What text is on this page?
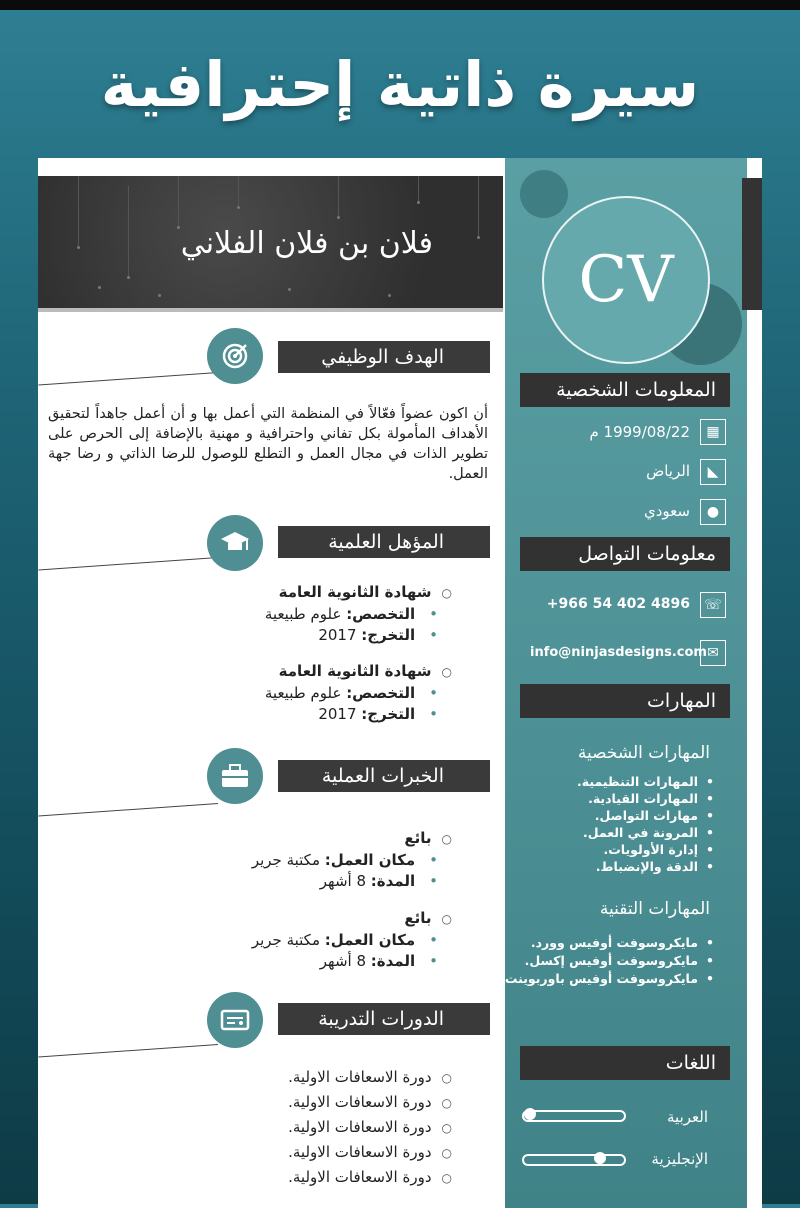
سيرة ذاتية إحترافية
CV
فلان بن فلان الفلاني
الهدف الوظيفي
أن اكون عضواً فعّالاً في المنظمة التي أعمل بها و أن أعمل جاهداً لتحقيق الأهداف المأمولة بكل تفاني واحترافية و مهنية بالإضافة إلى الحرص على تطوير الذات في مجال العمل و التطلع للوصول للرضا الذاتي و رضا جهة العمل.
المؤهل العلمية
○ شهادة الثانوية العامة
• التخصص: علوم طبيعية
• التخرج: 2017
○ شهادة الثانوية العامة
• التخصص: علوم طبيعية
• التخرج: 2017
الخبرات العملية
○ بائع
• مكان العمل: مكتبة جرير
• المدة: 8 أشهر
○ بائع
• مكان العمل: مكتبة جرير
• المدة: 8 أشهر
الدورات التدريبة
○ دورة الاسعافات الاولية.
○ دورة الاسعافات الاولية.
○ دورة الاسعافات الاولية.
○ دورة الاسعافات الاولية.
○ دورة الاسعافات الاولية.
المعلومات الشخصية
▦
1999/08/22 م
◣
الرياض
●
سعودي
معلومات التواصل
☏
+966 54 402 4896
✉
info@ninjasdesigns.com
المهارات
المهارات الشخصية
• المهارات التنظيمية.
• المهارات القيادية.
• مهارات التواصل.
• المرونة في العمل.
• إدارة الأولويات.
• الدقة والإنضباط.
المهارات التقنية
• مايكروسوفت أوفيس وورد.
• مايكروسوفت أوفيس إكسل.
• مايكروسوفت أوفيس باوربوينت.
اللغات
العربية
الإنجليزية
